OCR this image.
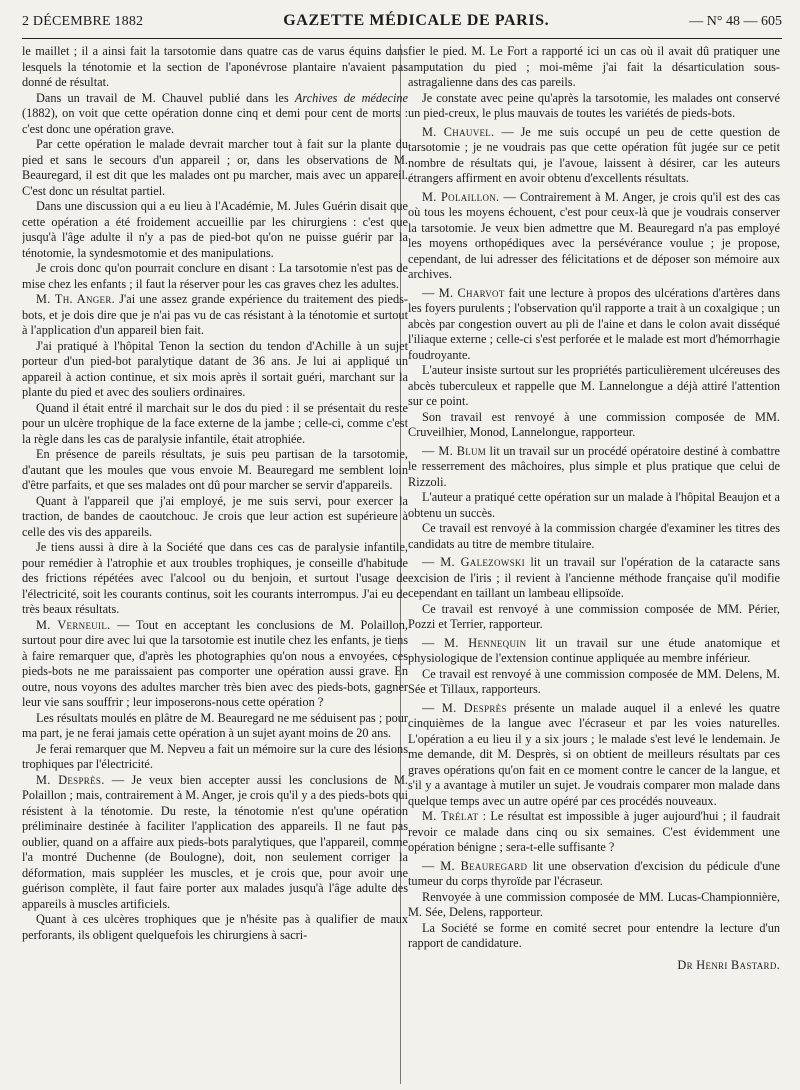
2 DÉCEMBRE 1882	GAZETTE MÉDICALE DE PARIS.	— N° 48 — 605

le maillet ; il a ainsi fait la tarsotomie dans quatre cas de varus équins dans lesquels la ténotomie et la section de l'aponévrose plantaire n'avaient pas donné de résultat.

Dans un travail de M. Chauvel publié dans les Archives de médecine (1882), on voit que cette opération donne cinq et demi pour cent de morts : c'est donc une opération grave.

Par cette opération le malade devrait marcher tout à fait sur la plante du pied et sans le secours d'un appareil ; or, dans les observations de M. Beauregard, il est dit que les malades ont pu marcher, mais avec un appareil. C'est donc un résultat partiel.

Dans une discussion qui a eu lieu à l'Académie, M. Jules Guérin disait que cette opération a été froidement accueillie par les chirurgiens : c'est que jusqu'à l'âge adulte il n'y a pas de pied-bot qu'on ne puisse guérir par la ténotomie, la syndesmotomie et des manipulations.

Je crois donc qu'on pourrait conclure en disant : La tarsotomie n'est pas de mise chez les enfants ; il faut la réserver pour les cas graves chez les adultes.

M. Th. Anger. J'ai une assez grande expérience du traitement des pieds-bots, et je dois dire que je n'ai pas vu de cas résistant à la ténotomie et surtout à l'application d'un appareil bien fait.

J'ai pratiqué à l'hôpital Tenon la section du tendon d'Achille à un sujet porteur d'un pied-bot paralytique datant de 36 ans. Je lui ai appliqué un appareil à action continue, et six mois après il sortait guéri, marchant sur la plante du pied et avec des souliers ordinaires.

Quand il était entré il marchait sur le dos du pied : il se présentait du reste pour un ulcère trophique de la face externe de la jambe ; celle-ci, comme c'est la règle dans les cas de paralysie infantile, était atrophiée.

En présence de pareils résultats, je suis peu partisan de la tarsotomie, d'autant que les moules que vous envoie M. Beauregard me semblent loin d'être parfaits, et que ses malades ont dû pour marcher se servir d'appareils.

Quant à l'appareil que j'ai employé, je me suis servi, pour exercer la traction, de bandes de caoutchouc. Je crois que leur action est supérieure à celle des vis des appareils.

Je tiens aussi à dire à la Société que dans ces cas de paralysie infantile, pour remédier à l'atrophie et aux troubles trophiques, je conseille d'habitude des frictions répétées avec l'alcool ou du benjoin, et surtout l'usage de l'électricité, soit les courants continus, soit les courants interrompus. J'ai eu de très beaux résultats.

M. Verneuil. — Tout en acceptant les conclusions de M. Polaillon, surtout pour dire avec lui que la tarsotomie est inutile chez les enfants, je tiens à faire remarquer que, d'après les photographies qu'on nous a envoyées, ces pieds-bots ne me paraissaient pas comporter une opération aussi grave. En outre, nous voyons des adultes marcher très bien avec des pieds-bots, gagner leur vie sans souffrir ; leur imposerons-nous cette opération ?

Les résultats moulés en plâtre de M. Beauregard ne me séduisent pas ; pour ma part, je ne ferai jamais cette opération à un sujet ayant moins de 20 ans.

Je ferai remarquer que M. Nepveu a fait un mémoire sur la cure des lésions trophiques par l'électricité.

M. Desprès. — Je veux bien accepter aussi les conclusions de M. Polaillon ; mais, contrairement à M. Anger, je crois qu'il y a des pieds-bots qui résistent à la ténotomie. Du reste, la ténotomie n'est qu'une opération préliminaire destinée à faciliter l'application des appareils. Il ne faut pas oublier, quand on a affaire aux pieds-bots paralytiques, que l'appareil, comme l'a montré Duchenne (de Boulogne), doit, non seulement corriger la déformation, mais suppléer les muscles, et je crois que, pour avoir une guérison complète, il faut faire porter aux malades jusqu'à l'âge adulte des appareils à muscles artificiels.

Quant à ces ulcères trophiques que je n'hésite pas à qualifier de maux perforants, ils obligent quelquefois les chirurgiens à sacri-

fier le pied. M. Le Fort a rapporté ici un cas où il avait dû pratiquer une amputation du pied ; moi-même j'ai fait la désarticulation sous-astragalienne dans des cas pareils.

Je constate avec peine qu'après la tarsotomie, les malades ont conservé un pied-creux, le plus mauvais de toutes les variétés de pieds-bots.

M. Chauvel. — Je me suis occupé un peu de cette question de tarsotomie ; je ne voudrais pas que cette opération fût jugée sur ce petit nombre de résultats qui, je l'avoue, laissent à désirer, car les auteurs étrangers affirment en avoir obtenu d'excellents résultats.

M. Polaillon. — Contrairement à M. Anger, je crois qu'il est des cas où tous les moyens échouent, c'est pour ceux-là que je voudrais conserver la tarsotomie. Je veux bien admettre que M. Beauregard n'a pas employé les moyens orthopédiques avec la persévérance voulue ; je propose, cependant, de lui adresser des félicitations et de déposer son mémoire aux archives.

— M. Charvot fait une lecture à propos des ulcérations d'artères dans les foyers purulents ; l'observation qu'il rapporte a trait à un coxalgique ; un abcès par congestion ouvert au pli de l'aine et dans le colon avait disséqué l'iliaque externe ; celle-ci s'est perforée et le malade est mort d'hémorrhagie foudroyante.

L'auteur insiste surtout sur les propriétés particulièrement ulcéreuses des abcès tuberculeux et rappelle que M. Lannelongue a déjà attiré l'attention sur ce point.

Son travail est renvoyé à une commission composée de MM. Cruveilhier, Monod, Lannelongue, rapporteur.

— M. Blum lit un travail sur un procédé opératoire destiné à combattre le resserrement des mâchoires, plus simple et plus pratique que celui de Rizzoli.

L'auteur a pratiqué cette opération sur un malade à l'hôpital Beaujon et a obtenu un succès.

Ce travail est renvoyé à la commission chargée d'examiner les titres des candidats au titre de membre titulaire.

— M. Galezowski lit un travail sur l'opération de la cataracte sans excision de l'iris ; il revient à l'ancienne méthode française qu'il modifie cependant en taillant un lambeau ellipsoïde.

Ce travail est renvoyé à une commission composée de MM. Périer, Pozzi et Terrier, rapporteur.

— M. Hennequin lit un travail sur une étude anatomique et physiologique de l'extension continue appliquée au membre inférieur.

Ce travail est renvoyé à une commission composée de MM. Delens, M. Sée et Tillaux, rapporteurs.

— M. Desprès présente un malade auquel il a enlevé les quatre cinquièmes de la langue avec l'écraseur et par les voies naturelles. L'opération a eu lieu il y a six jours ; le malade s'est levé le lendemain. Je me demande, dit M. Desprès, si on obtient de meilleurs résultats par ces graves opérations qu'on fait en ce moment contre le cancer de la langue, et s'il y a avantage à mutiler un sujet. Je voudrais comparer mon malade dans quelque temps avec un autre opéré par ces procédés nouveaux.

M. Trélat : Le résultat est impossible à juger aujourd'hui ; il faudrait revoir ce malade dans cinq ou six semaines. C'est évidemment une opération bénigne ; sera-t-elle suffisante ?

— M. Beauregard lit une observation d'excision du pédicule d'une tumeur du corps thyroïde par l'écraseur.

Renvoyée à une commission composée de MM. Lucas-Championnière, M. Sée, Delens, rapporteur.

La Société se forme en comité secret pour entendre la lecture d'un rapport de candidature.

Dr Henri Bastard.
